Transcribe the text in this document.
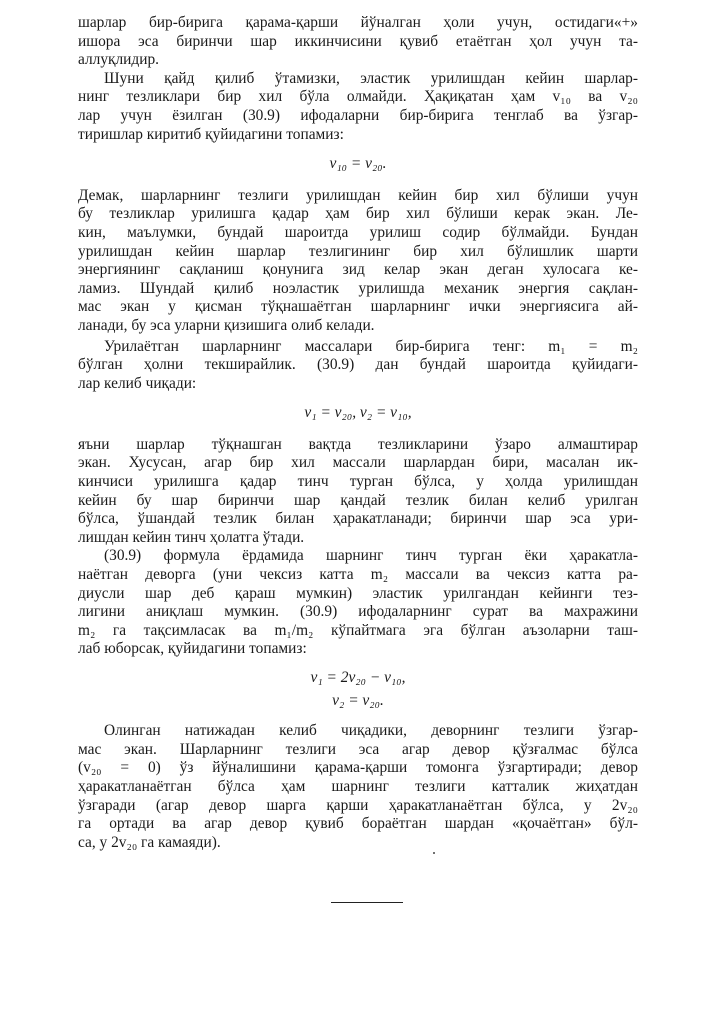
шарлар бир-бирига қарама-қарши йўналган ҳоли учун, остидаги«+»
ишора эса биринчи шар иккинчисини қувиб етаётган ҳол учун та-
аллуқлидир.
Шуни қайд қилиб ўтамизки, эластик урилишдан кейин шарлар-
нинг тезликлари бир хил бўла олмайди. Ҳақиқатан ҳам v₁₀ ва v₂₀
лар учун ёзилган (30.9) ифодаларни бир-бирига тенглаб ва ўзгар-
тиришлар киритиб қуйидагини топамиз:
v₁₀ = v₂₀.
Демак, шарларнинг тезлиги урилишдан кейин бир хил бўлиши учун
бу тезликлар урилишга қадар ҳам бир хил бўлиши керак экан. Ле-
кин, маълумки, бундай шароитда урилиш содир бўлмайди. Бундан
урилишдан кейин шарлар тезлигининг бир хил бўлишлик шарти
энергиянинг сақланиш қонунига зид келар экан деган хулосага ке-
ламиз. Шундай қилиб ноэластик урилишда механик энергия сақлан-
мас экан у қисман тўқнашаётган шарларнинг ички энергиясига ай-
ланади, бу эса уларни қизишига олиб келади.
Урилаётган шарларнинг массалари бир-бирига тенг: m₁ = m₂
бўлган ҳолни текширайлик. (30.9) дан бундай шароитда қуйидаги-
лар келиб чиқади:
v₁ = v₂₀, v₂ = v₁₀,
яъни шарлар тўқнашган вақтда тезликларини ўзаро алмаштирар
экан. Хусусан, агар бир хил массали шарлардан бири, масалан ик-
кинчиси урилишга қадар тинч турган бўлса, у ҳолда урилишдан
кейин бу шар биринчи шар қандай тезлик билан келиб урилган
бўлса, ўшандай тезлик билан ҳаракатланади; биринчи шар эса ури-
лишдан кейин тинч ҳолатга ўтади.
(30.9) формула ёрдамида шарнинг тинч турган ёки ҳаракатла-
наётган деворга (уни чексиз катта m₂ массали ва чексиз катта ра-
диусли шар деб қараш мумкин) эластик урилгандан кейинги тез-
лигини аниқлаш мумкин. (30.9) ифодаларнинг сурат ва махражини
m₂ га тақсимласак ва m₁/m₂ кўпайтмага эга бўлган аъзоларни таш-
лаб юборсак, қуйидагини топамиз:
v₁ = 2v₂₀ − v₁₀,
v₂ = v₂₀.
Олинган натижадан келиб чиқадики, деворнинг тезлиги ўзгар-
мас экан. Шарларнинг тезлиги эса агар девор қўзғалмас бўлса
(v₂₀ = 0) ўз йўналишини қарама-қарши томонга ўзгартиради; девор
ҳаракатланаётган бўлса ҳам шарнинг тезлиги катталик жиҳатдан
ўзгаради (агар девор шарга қарши ҳаракатланаётган бўлса, у 2v₂₀
га ортади ва агар девор қувиб бораётган шардан «қочаётган» бўл-
са, у 2v₂₀ га камаяди).
